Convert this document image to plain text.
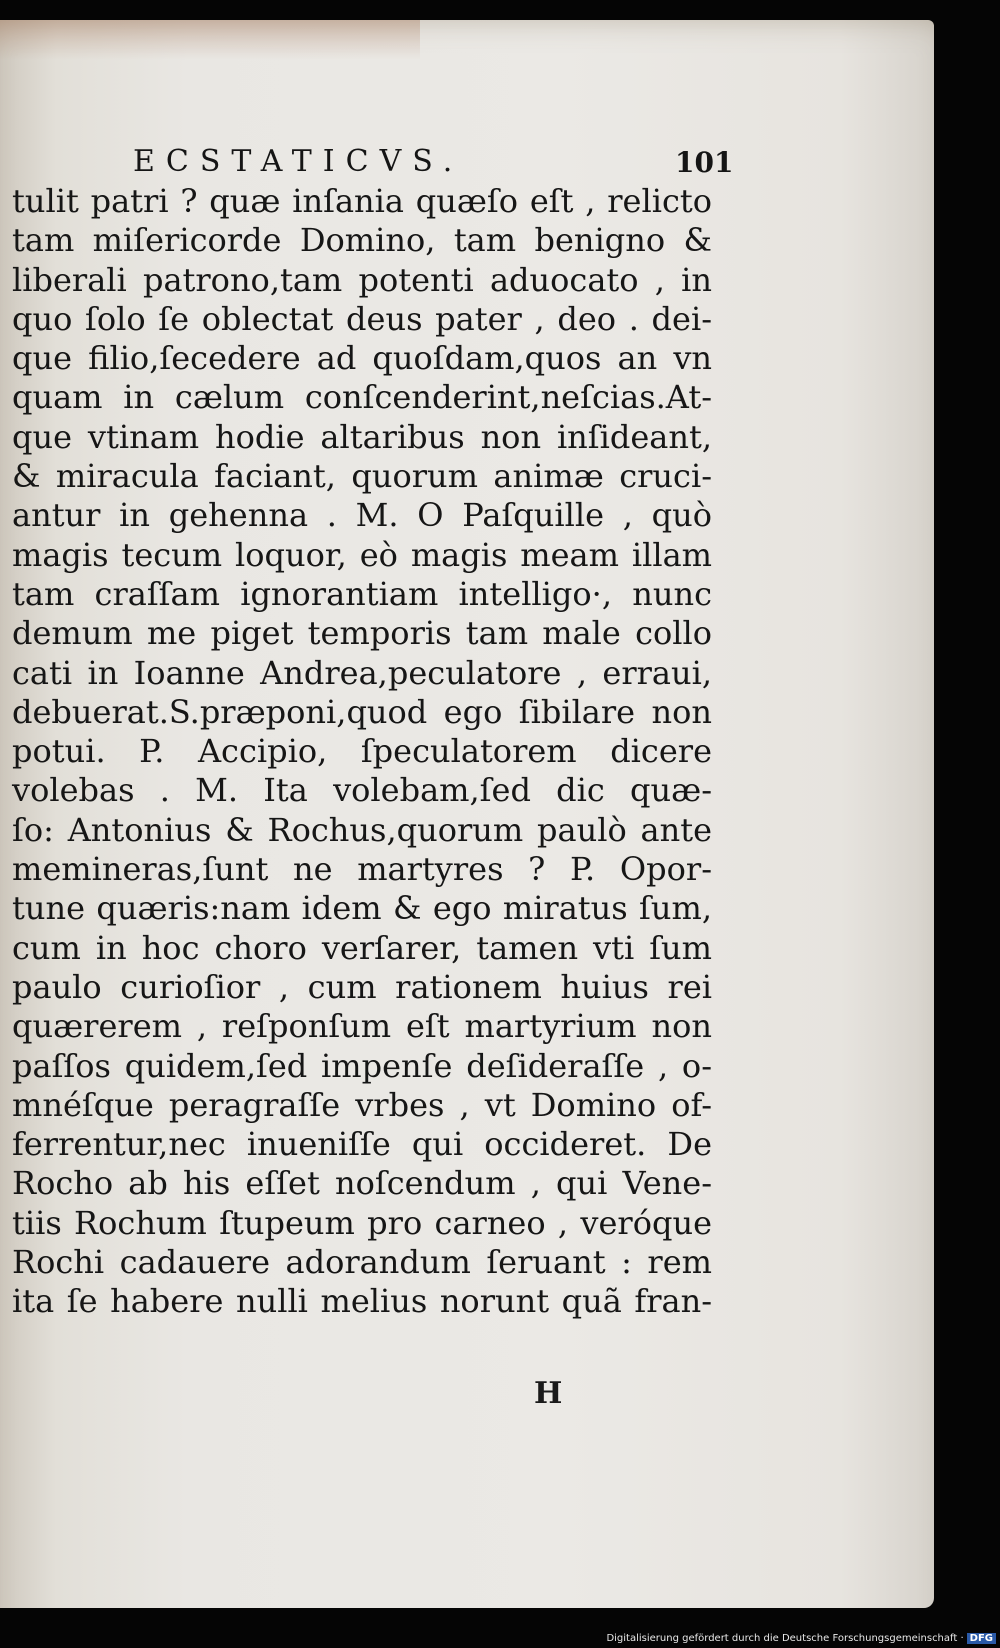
ECSTATICVS.	101
tulit patri ? quæ inſania quæſo eſt , relicto
tam miſericorde Domino, tam benigno &
liberali patrono,tam potenti aduocato , in
quo ſolo ſe oblectat deus pater , deo . dei-
que filio,ſecedere ad quoſdam,quos an vn
quam in cælum conſcenderint,neſcias.At-
que vtinam hodie altaribus non inſideant,
& miracula faciant, quorum animæ cruci-
antur in gehenna . M. O Paſquille , quò
magis tecum loquor, eò magis meam illam
tam craſſam ignorantiam intelligo·, nunc
demum me piget temporis tam male collo
cati in Ioanne Andrea,peculatore , erraui,
debuerat.S.præponi,quod ego ſibilare non
potui. P. Accipio, ſpeculatorem dicere
volebas . M. Ita volebam,ſed dic quæ-
ſo: Antonius & Rochus,quorum paulò ante
memineras,ſunt ne martyres ? P. Opor-
tune quæris:nam idem & ego miratus ſum,
cum in hoc choro verſarer, tamen vti ſum
paulo curioſior , cum rationem huius rei
quærerem , reſponſum eſt martyrium non
paſſos quidem,ſed impenſe deſideraſſe , o-
mnéſque peragraſſe vrbes , vt Domino of-
ferrentur,nec inueniſſe qui occideret. De
Rocho ab his eſſet noſcendum , qui Vene-
tiis Rochum ſtupeum pro carneo , veróque
Rochi cadauere adorandum ſeruant : rem
ita ſe habere nulli melius norunt quã fran-
H
Digitalisierung gefördert durch die Deutsche Forschungsgemeinschaft · DFG
